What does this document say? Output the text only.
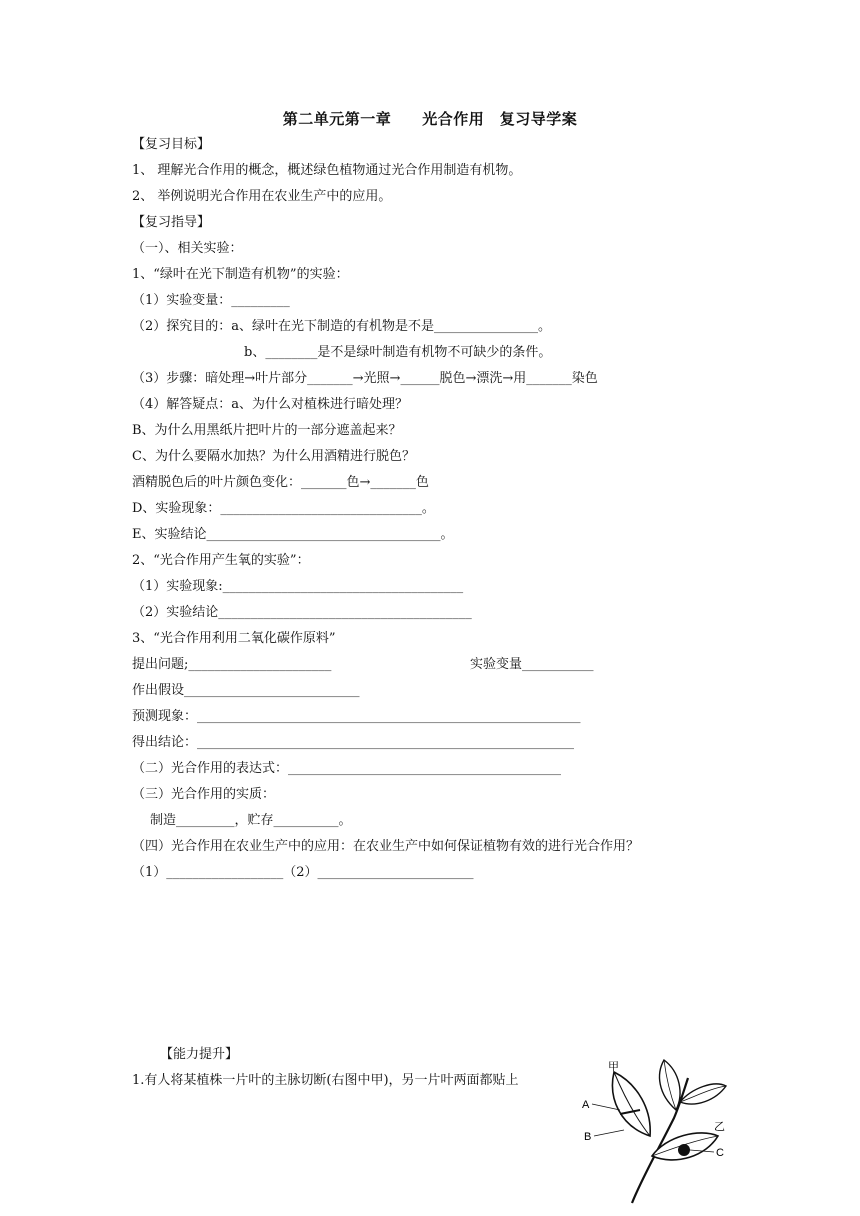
第二单元第一章　　光合作用　复习导学案
【复习目标】
1、 理解光合作用的概念，概述绿色植物通过光合作用制造有机物。
2、 举例说明光合作用在农业生产中的应用。
【复习指导】
（一）、相关实验：
1、“绿叶在光下制造有机物”的实验：
（1）实验变量：_________
（2）探究目的：a、绿叶在光下制造的有机物是不是________________。
b、________是不是绿叶制造有机物不可缺少的条件。
（3）步骤：暗处理→叶片部分_______→光照→______脱色→漂洗→用_______染色
（4）解答疑点：a、为什么对植株进行暗处理？
B、为什么用黑纸片把叶片的一部分遮盖起来？
C、为什么要隔水加热？为什么用酒精进行脱色？
酒精脱色后的叶片颜色变化：_______色→_______色
D、实验现象：_______________________________。
E、实验结论____________________________________。
2、“光合作用产生氧的实验”：
（1）实验现象:_____________________________________
（2）实验结论_______________________________________
3、“光合作用利用二氧化碳作原料”
提出问题;______________________	实验变量___________
作出假设___________________________
预测现象：___________________________________________________________
得出结论：__________________________________________________________
（二）光合作用的表达式：__________________________________________
（三）光合作用的实质：
制造_________，贮存__________。
（四）光合作用在农业生产中的应用：在农业生产中如何保证植物有效的进行光合作用？
（1）__________________（2）________________________
【能力提升】
1.有人将某植株一片叶的主脉切断(右图中甲)，另一片叶两面都贴上
甲
A
B
乙
C
